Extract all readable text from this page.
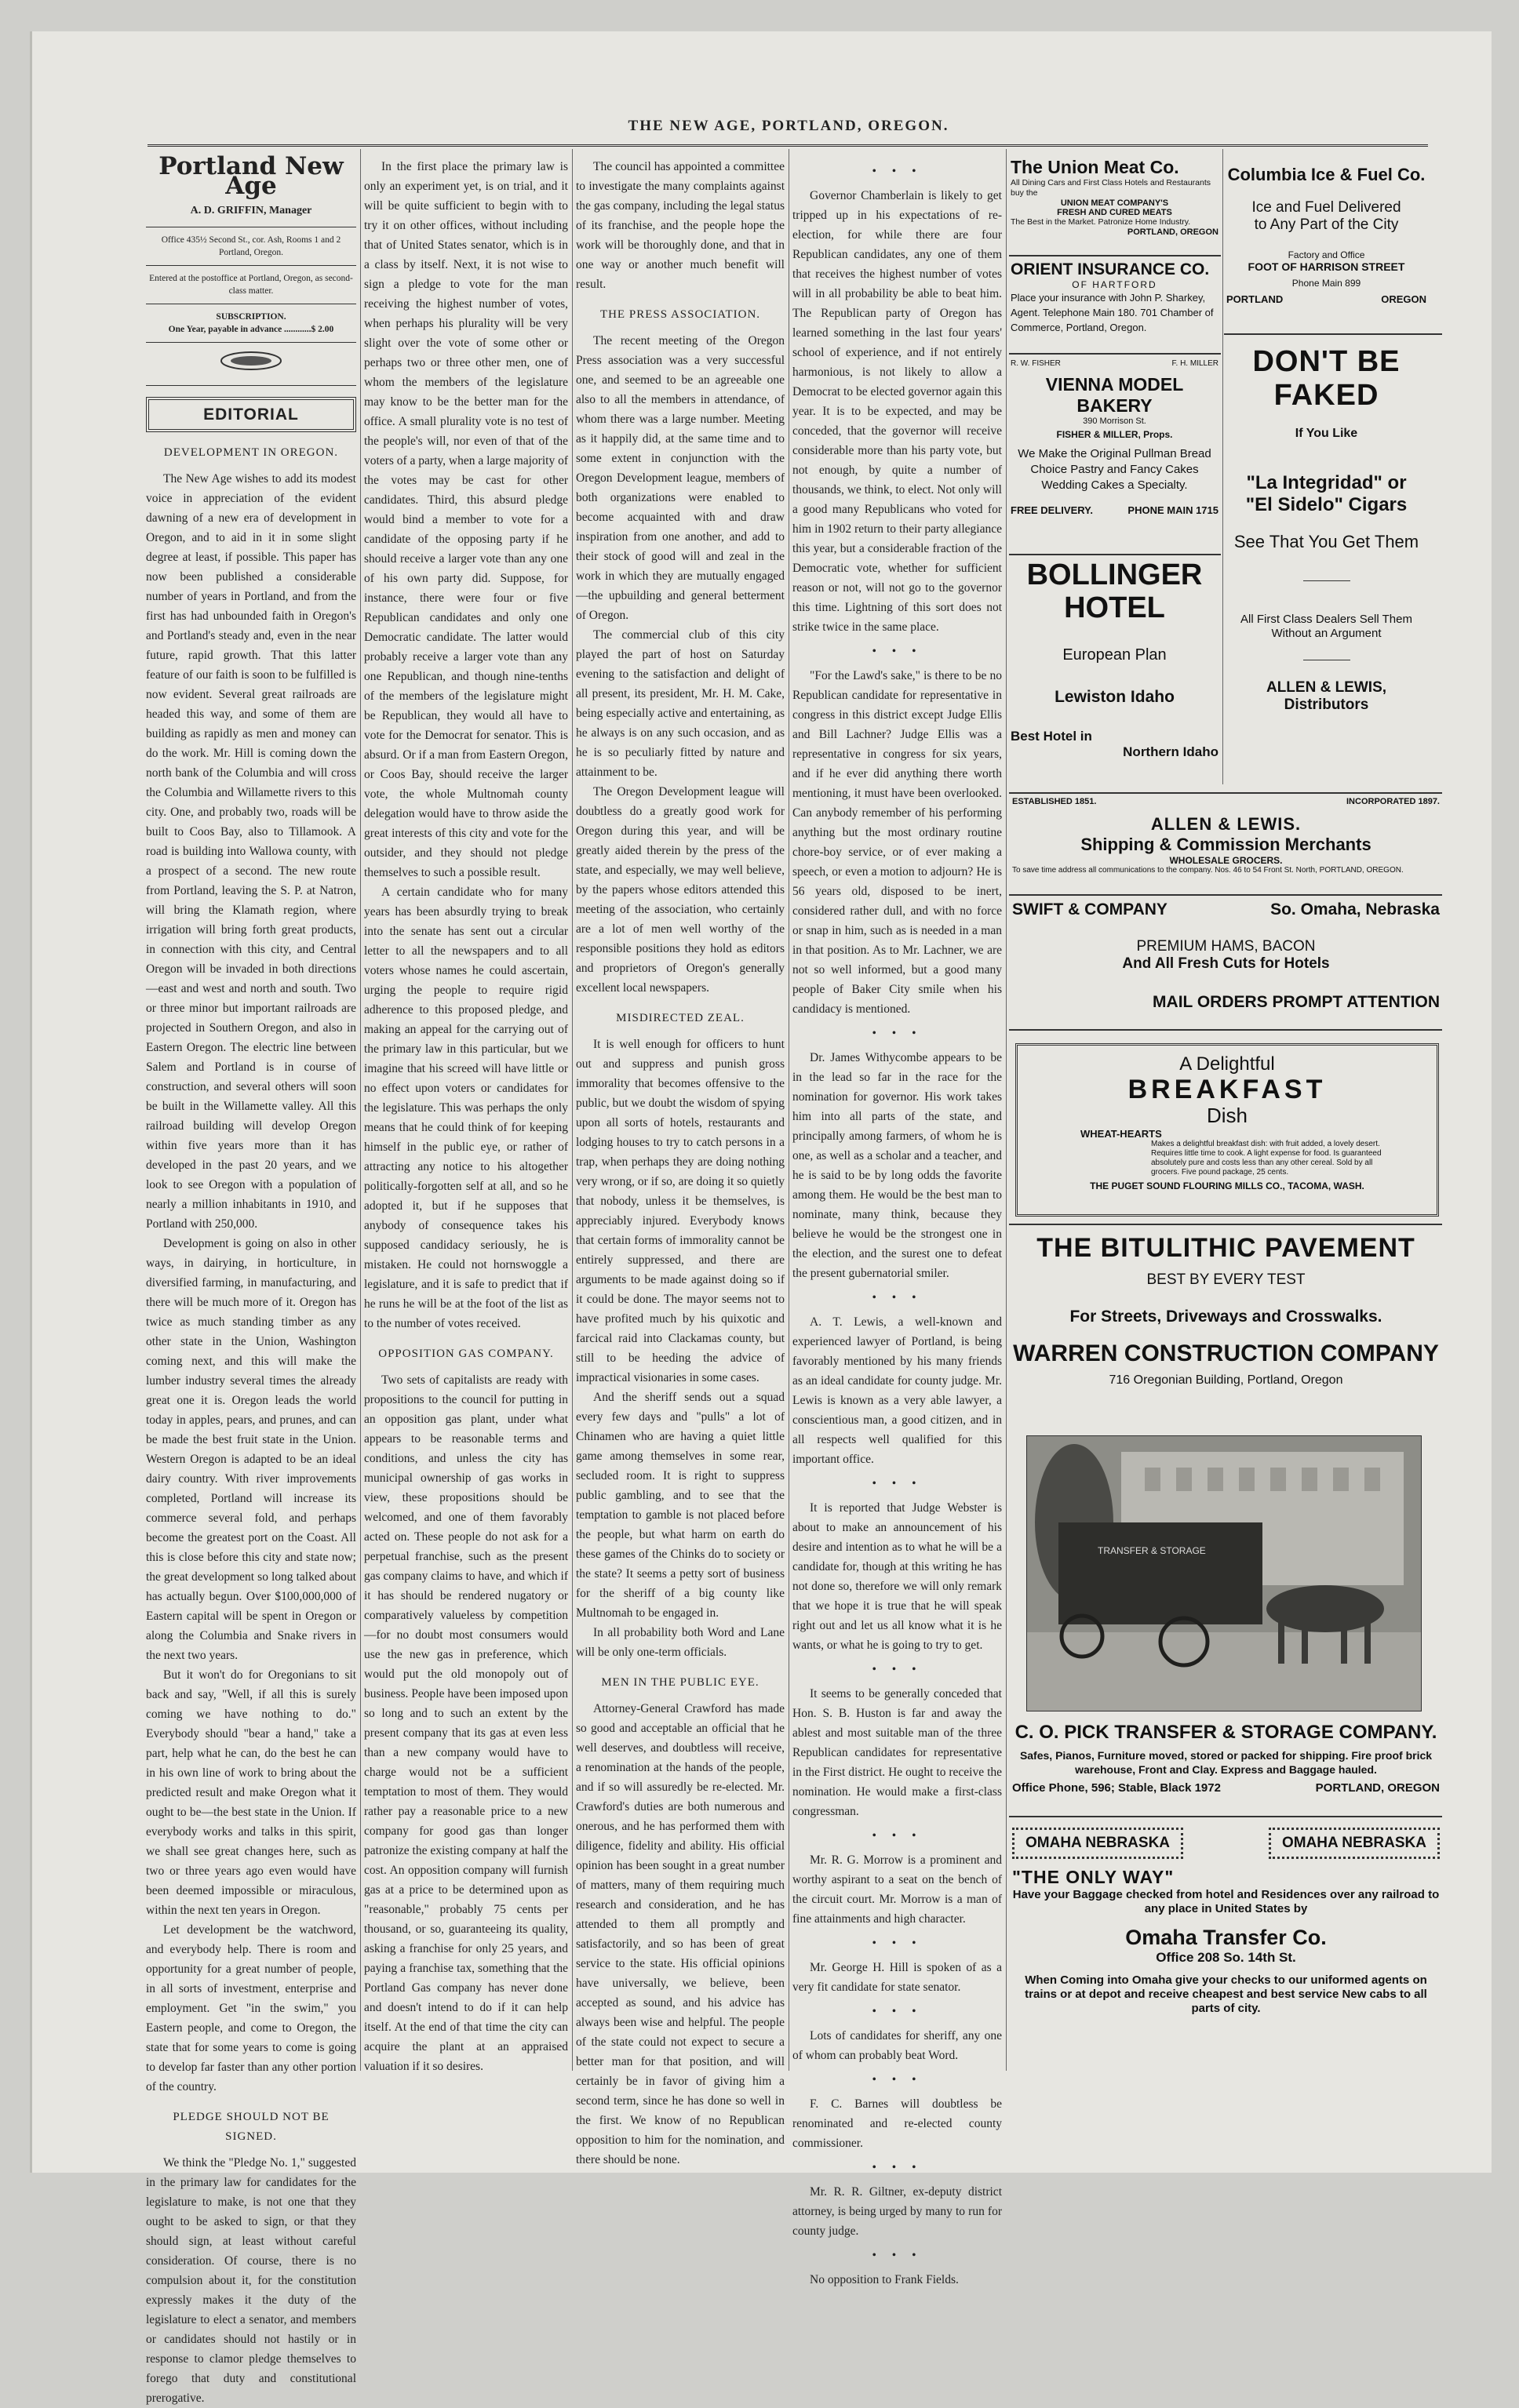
THE NEW AGE, PORTLAND, OREGON.
Portland New Age
A. D. GRIFFIN, Manager
Office 435½ Second St., cor. Ash, Rooms 1 and 2 Portland, Oregon.
Entered at the postoffice at Portland, Oregon, as second-class matter.
SUBSCRIPTION.
One Year, payable in advance ............$ 2.00
EDITORIAL
DEVELOPMENT IN OREGON.

The New Age wishes to add its modest voice in appreciation of the evident dawning of a new era of development in Oregon, and to aid in it in some slight degree at least, if possible. This paper has now been published a considerable number of years in Portland, and from the first has had unbounded faith in Oregon's and Portland's steady and, even in the near future, rapid growth. That this latter feature of our faith is soon to be fulfilled is now evident. Several great railroads are headed this way, and some of them are building as rapidly as men and money can do the work. Mr. Hill is coming down the north bank of the Columbia and will cross the Columbia and Willamette rivers to this city. One, and probably two, roads will be built to Coos Bay, also to Tillamook. A road is building into Wallowa county, with a prospect of a second. The new route from Portland, leaving the S. P. at Natron, will bring the Klamath region, where irrigation will bring forth great products, in connection with this city, and Central Oregon will be invaded in both directions—east and west and north and south. Two or three minor but important railroads are projected in Southern Oregon, and also in Eastern Oregon. The electric line between Salem and Portland is in course of construction, and several others will soon be built in the Willamette valley. All this railroad building will develop Oregon within five years more than it has developed in the past 20 years, and we look to see Oregon with a population of nearly a million inhabitants in 1910, and Portland with 250,000.

Development is going on also in other ways, in dairying, in horticulture, in diversified farming, in manufacturing, and there will be much more of it. Oregon has twice as much standing timber as any other state in the Union, Washington coming next, and this will make the lumber industry several times the already great one it is. Oregon leads the world today in apples, pears, and prunes, and can be made the best fruit state in the Union. Western Oregon is adapted to be an ideal dairy country. With river improvements completed, Portland will increase its commerce several fold, and perhaps become the greatest port on the Coast. All this is close before this city and state now; the great development so long talked about has actually begun. Over $100,000,000 of Eastern capital will be spent in Oregon or along the Columbia and Snake rivers in the next two years.

But it won't do for Oregonians to sit back and say, "Well, if all this is surely coming we have nothing to do." Everybody should "bear a hand," take a part, help what he can, do the best he can in his own line of work to bring about the predicted result and make Oregon what it ought to be—the best state in the Union. If everybody works and talks in this spirit, we shall see great changes here, such as two or three years ago even would have been deemed impossible or miraculous, within the next ten years in Oregon.

Let development be the watchword, and everybody help. There is room and opportunity for a great number of people, in all sorts of investment, enterprise and employment. Get "in the swim," you Eastern people, and come to Oregon, the state that for some years to come is going to develop far faster than any other portion of the country.

PLEDGE SHOULD NOT BE SIGNED.

We think the "Pledge No. 1," suggested in the primary law for candidates for the legislature to make, is not one that they ought to be asked to sign, or that they should sign, at least without careful consideration. Of course, there is no compulsion about it, for the constitution expressly makes it the duty of the legislature to elect a senator, and members or candidates should not hastily or in response to clamor pledge themselves to forego that duty and constitutional prerogative.

In the first place the primary law is only an experiment yet, is on trial, and it will be quite sufficient to begin with to try it on other offices, without including that of United States senator, which is in a class by itself. Next, it is not wise to sign a pledge to vote for the man receiving the highest number of votes, when perhaps his plurality will be very slight over the vote of some other or perhaps two or three other men, one of whom the members of the legislature may know to be the better man for the office. A small plurality vote is no test of the people's will, nor even of that of the voters of a party, when a large majority of the votes may be cast for other candidates. Third, this absurd pledge would bind a member to vote for a candidate of the opposing party if he should receive a larger vote than any one of his own party did. Suppose, for instance, there were four or five Republican candidates and only one Democratic candidate. The latter would probably receive a larger vote than any one Republican, and though nine-tenths of the members of the legislature might be Republican, they would all have to vote for the Democrat for senator. This is absurd. Or if a man from Eastern Oregon, or Coos Bay, should receive the larger vote, the whole Multnomah county delegation would have to throw aside the great interests of this city and vote for the outsider, and they should not pledge themselves to such a possible result.

A certain candidate who for many years has been absurdly trying to break into the senate has sent out a circular letter to all the newspapers and to all voters whose names he could ascertain, urging the people to require rigid adherence to this proposed pledge, and making an appeal for the carrying out of the primary law in this particular, but we imagine that his screed will have little or no effect upon voters or candidates for the legislature. This was perhaps the only means that he could think of for keeping himself in the public eye, or rather of attracting any notice to his altogether politically-forgotten self at all, and so he adopted it, but if he supposes that anybody of consequence takes his supposed candidacy seriously, he is mistaken. He could not hornswoggle a legislature, and it is safe to predict that if he runs he will be at the foot of the list as to the number of votes received.

OPPOSITION GAS COMPANY.

Two sets of capitalists are ready with propositions to the council for putting in an opposition gas plant, under what appears to be reasonable terms and conditions, and unless the city has municipal ownership of gas works in view, these propositions should be welcomed, and one of them favorably acted on. These people do not ask for a perpetual franchise, such as the present gas company claims to have, and which if it has should be rendered nugatory or comparatively valueless by competition—for no doubt most consumers would use the new gas in preference, which would put the old monopoly out of business. People have been imposed upon so long and to such an extent by the present company that its gas at even less than a new company would have to charge would not be a sufficient temptation to most of them. They would rather pay a reasonable price to a new company for good gas than longer patronize the existing company at half the cost. An opposition company will furnish gas at a price to be determined upon as "reasonable," probably 75 cents per thousand, or so, guaranteeing its quality, asking a franchise for only 25 years, and paying a franchise tax, something that the Portland Gas company has never done and doesn't intend to do if it can help itself. At the end of that time the city can acquire the plant at an appraised valuation if it so desires.

The council has appointed a committee to investigate the many complaints against the gas company, including the legal status of its franchise, and the people hope the work will be thoroughly done, and that in one way or another much benefit will result.

THE PRESS ASSOCIATION.

The recent meeting of the Oregon Press association was a very successful one, and seemed to be an agreeable one also to all the members in attendance, of whom there was a large number. Meeting as it happily did, at the same time and to some extent in conjunction with the Oregon Development league, members of both organizations were enabled to become acquainted with and draw inspiration from one another, and add to their stock of good will and zeal in the work in which they are mutually engaged—the upbuilding and general betterment of Oregon.

The commercial club of this city played the part of host on Saturday evening to the satisfaction and delight of all present, its president, Mr. H. M. Cake, being especially active and entertaining, as he always is on any such occasion, and as he is so peculiarly fitted by nature and attainment to be.

The Oregon Development league will doubtless do a greatly good work for Oregon during this year, and will be greatly aided therein by the press of the state, and especially, we may well believe, by the papers whose editors attended this meeting of the association, who certainly are a lot of men well worthy of the responsible positions they hold as editors and proprietors of Oregon's generally excellent local newspapers.

MISDIRECTED ZEAL.

It is well enough for officers to hunt out and suppress and punish gross immorality that becomes offensive to the public, but we doubt the wisdom of spying upon all sorts of hotels, restaurants and lodging houses to try to catch persons in a trap, when perhaps they are doing nothing very wrong, or if so, are doing it so quietly that nobody, unless it be themselves, is appreciably injured. Everybody knows that certain forms of immorality cannot be entirely suppressed, and there are arguments to be made against doing so if it could be done. The mayor seems not to have profited much by his quixotic and farcical raid into Clackamas county, but still to be heeding the advice of impractical visionaries in some cases.

And the sheriff sends out a squad every few days and "pulls" a lot of Chinamen who are having a quiet little game among themselves in some rear, secluded room. It is right to suppress public gambling, and to see that the temptation to gamble is not placed before the people, but what harm on earth do these games of the Chinks do to society or the state? It seems a petty sort of business for the sheriff of a big county like Multnomah to be engaged in.

In all probability both Word and Lane will be only one-term officials.

MEN IN THE PUBLIC EYE.

Attorney-General Crawford has made so good and acceptable an official that he well deserves, and doubtless will receive, a renomination at the hands of the people, and if so will assuredly be re-elected. Mr. Crawford's duties are both numerous and onerous, and he has performed them with diligence, fidelity and ability. His official opinion has been sought in a great number of matters, many of them requiring much research and consideration, and he has attended to them all promptly and satisfactorily, and so has been of great service to the state. His official opinions have universally, we believe, been accepted as sound, and his advice has always been wise and helpful. The people of the state could not expect to secure a better man for that position, and will certainly be in favor of giving him a second term, since he has done so well in the first. We know of no Republican opposition to him for the nomination, and there should be none.

• • •

Governor Chamberlain is likely to get tripped up in his expectations of re-election, for while there are four Republican candidates, any one of them that receives the highest number of votes will in all probability be able to beat him. The Republican party of Oregon has learned something in the last four years' school of experience, and if not entirely harmonious, is not likely to allow a Democrat to be elected governor again this year. It is to be expected, and may be conceded, that the governor will receive considerable more than his party vote, but not enough, by quite a number of thousands, we think, to elect. Not only will a good many Republicans who voted for him in 1902 return to their party allegiance this year, but a considerable fraction of the Democratic vote, whether for sufficient reason or not, will not go to the governor this time. Lightning of this sort does not strike twice in the same place.

• • •

"For the Lawd's sake," is there to be no Republican candidate for representative in congress in this district except Judge Ellis and Bill Lachner? Judge Ellis was a representative in congress for six years, and if he ever did anything there worth mentioning, it must have been overlooked. Can anybody remember of his performing anything but the most ordinary routine chore-boy service, or of ever making a speech, or even a motion to adjourn? He is 56 years old, disposed to be inert, considered rather dull, and with no force or snap in him, such as is needed in a man in that position. As to Mr. Lachner, we are not so well informed, but a good many people of Baker City smile when his candidacy is mentioned.

• • •

Dr. James Withycombe appears to be in the lead so far in the race for the nomination for governor. His work takes him into all parts of the state, and principally among farmers, of whom he is one, as well as a scholar and a teacher, and he is said to be by long odds the favorite among them. He would be the best man to nominate, many think, because they believe he would be the strongest one in the election, and the surest one to defeat the present gubernatorial smiler.

• • •

A. T. Lewis, a well-known and experienced lawyer of Portland, is being favorably mentioned by his many friends as an ideal candidate for county judge. Mr. Lewis is known as a very able lawyer, a conscientious man, a good citizen, and in all respects well qualified for this important office.

• • •

It is reported that Judge Webster is about to make an announcement of his desire and intention as to what he will be a candidate for, though at this writing he has not done so, therefore we will only remark that we hope it is true that he will speak right out and let us all know what it is he wants, or what he is going to try to get.

• • •

It seems to be generally conceded that Hon. S. B. Huston is far and away the ablest and most suitable man of the three Republican candidates for representative in the First district. He ought to receive the nomination. He would make a first-class congressman.

• • •

Mr. R. G. Morrow is a prominent and worthy aspirant to a seat on the bench of the circuit court. Mr. Morrow is a man of fine attainments and high character.

• • •

Mr. George H. Hill is spoken of as a very fit candidate for state senator.

• • •

Lots of candidates for sheriff, any one of whom can probably beat Word.

• • •

F. C. Barnes will doubtless be renominated and re-elected county commissioner.

• • •

Mr. R. R. Giltner, ex-deputy district attorney, is being urged by many to run for county judge.

• • •

No opposition to Frank Fields.

The Union Meat Co.
All Dining Cars and First Class Hotels and Restaurants buy the
UNION MEAT COMPANY'S
FRESH AND CURED MEATS
The Best in the Market. Patronize Home Industry.
PORTLAND, OREGON
ORIENT INSURANCE CO.
OF HARTFORD
Place your insurance with John P. Sharkey, Agent. Telephone Main 180. 701 Chamber of Commerce, Portland, Oregon.
R. W. FISHER	F. H. MILLER
VIENNA MODEL BAKERY
390 Morrison St.
FISHER & MILLER, Props.
We Make the Original Pullman Bread Choice Pastry and Fancy Cakes Wedding Cakes a Specialty.
FREE DELIVERY.	PHONE MAIN 1715
BOLLINGER
HOTEL
European Plan
Lewiston Idaho
Best Hotel in
Northern Idaho
Columbia Ice & Fuel Co.
Ice and Fuel Delivered
to Any Part of the City
Factory and Office
FOOT OF HARRISON STREET
Phone Main 899
PORTLAND	OREGON
DON'T BE FAKED
If You Like
"La Integridad" or
"El Sidelo" Cigars
See That You Get Them
All First Class Dealers Sell Them Without an Argument
ALLEN & LEWIS, Distributors
ESTABLISHED 1851.	INCORPORATED 1897.
ALLEN & LEWIS.
Shipping & Commission Merchants
WHOLESALE GROCERS.
To save time address all communications to the company. Nos. 46 to 54 Front St. North, PORTLAND, OREGON.
SWIFT & COMPANY	So. Omaha, Nebraska
PREMIUM HAMS, BACON
And All Fresh Cuts for Hotels
MAIL ORDERS PROMPT ATTENTION
A Delightful
BREAKFAST
Dish
WHEAT-HEARTS
Makes a delightful breakfast dish: with fruit added, a lovely desert. Requires little time to cook. A light expense for food. Is guaranteed absolutely pure and costs less than any other cereal. Sold by all grocers. Five pound package, 25 cents.
THE PUGET SOUND FLOURING MILLS CO., TACOMA, WASH.
THE BITULITHIC PAVEMENT
BEST BY EVERY TEST
For Streets, Driveways and Crosswalks.
WARREN CONSTRUCTION COMPANY
716 Oregonian Building, Portland, Oregon
TRANSFER & STORAGE
C. O. PICK TRANSFER & STORAGE COMPANY.
Safes, Pianos, Furniture moved, stored or packed for shipping. Fire proof brick warehouse, Front and Clay. Express and Baggage hauled.
Office Phone, 596; Stable, Black 1972	PORTLAND, OREGON
OMAHA NEBRASKA	OMAHA NEBRASKA
"THE ONLY WAY"
Have your Baggage checked from hotel and Residences over any railroad to any place in United States by
Omaha Transfer Co.
Office 208 So. 14th St.
When Coming into Omaha give your checks to our uniformed agents on trains or at depot and receive cheapest and best service New cabs to all parts of city.
